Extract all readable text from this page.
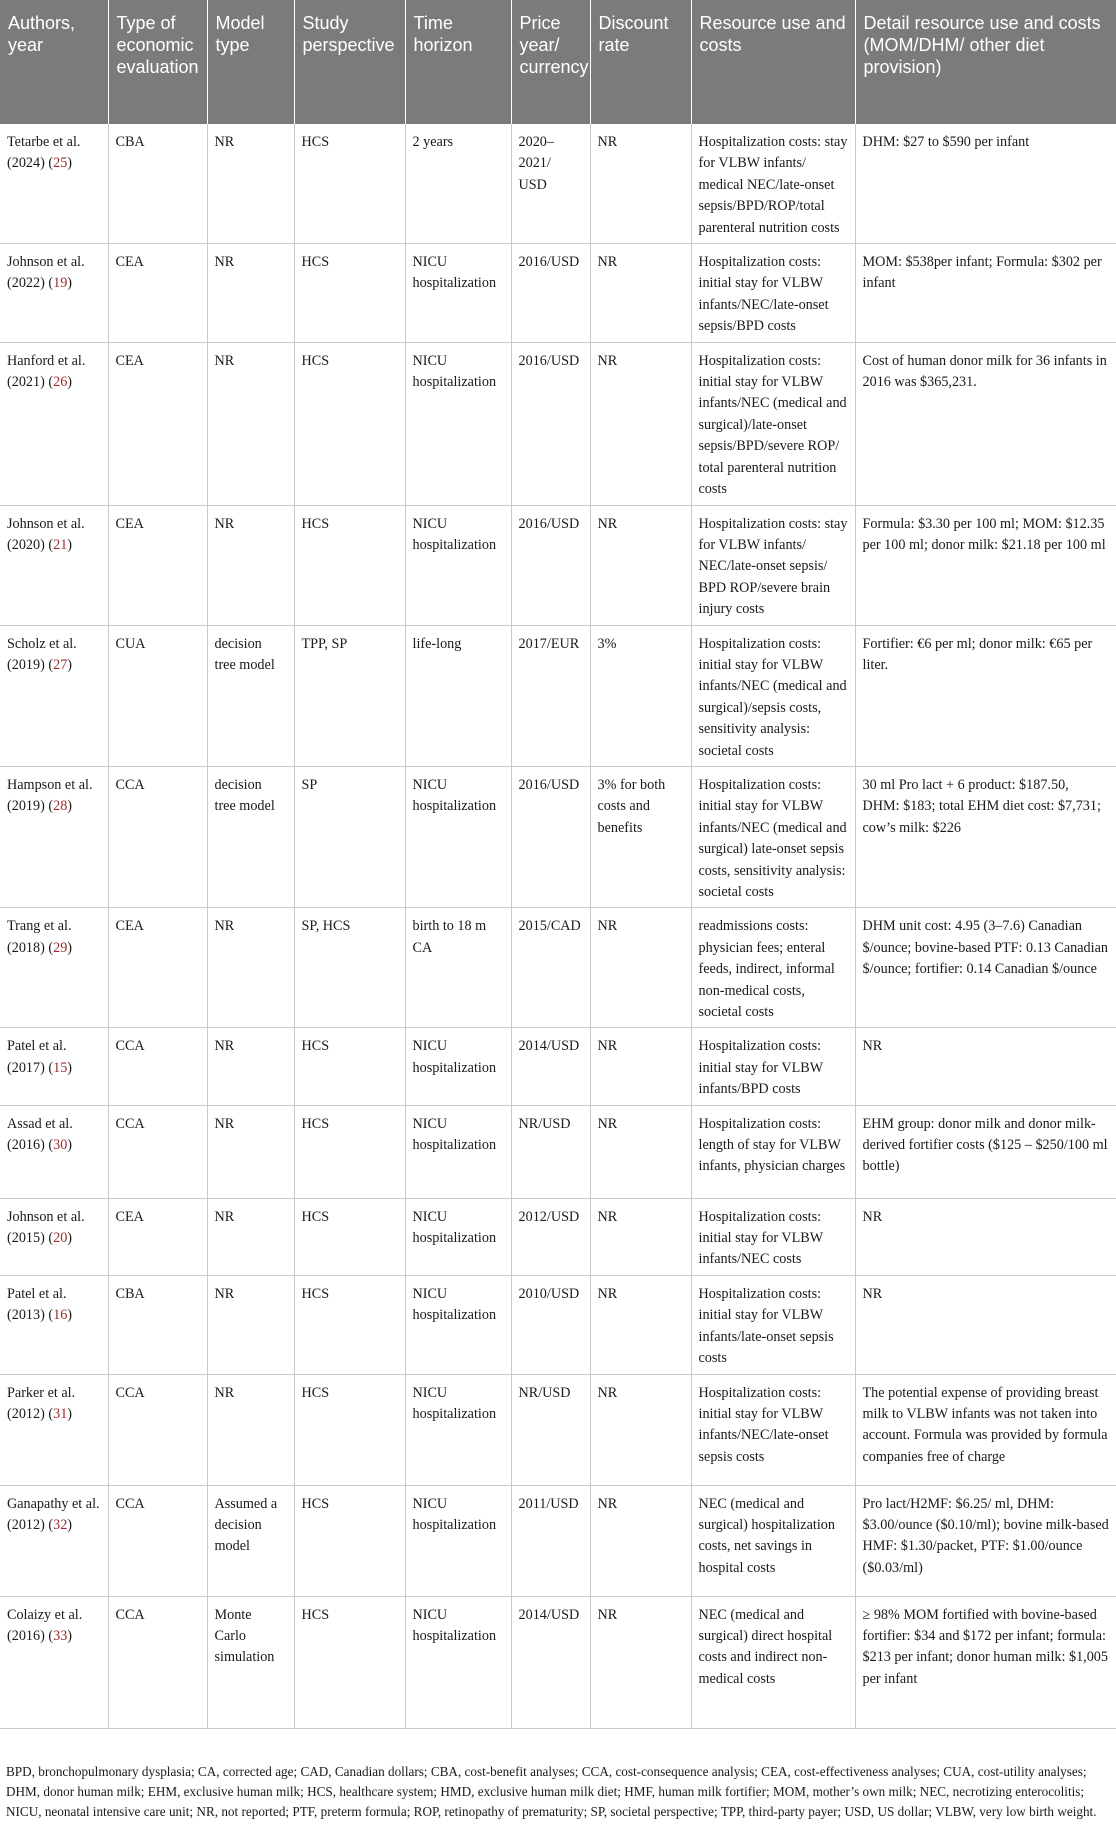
Authors, year	Type of economic evaluation	Model type	Study perspective	Time horizon	Price year/ currency	Discount rate	Resource use and costs	Detail resource use and costs (MOM/DHM/ other diet provision)
Tetarbe et al. (2024) (25)	CBA	NR	HCS	2 years	2020–2021/ USD	NR	Hospitalization costs: stay for VLBW infants/ medical NEC/late-onset sepsis/BPD/ROP/total parenteral nutrition costs	DHM: $27 to $590 per infant
Johnson et al. (2022) (19)	CEA	NR	HCS	NICU hospitalization	2016/USD	NR	Hospitalization costs: initial stay for VLBW infants/NEC/late-onset sepsis/BPD costs	MOM: $538per infant; Formula: $302 per infant
Hanford et al. (2021) (26)	CEA	NR	HCS	NICU hospitalization	2016/USD	NR	Hospitalization costs: initial stay for VLBW infants/NEC (medical and surgical)/late-onset sepsis/BPD/severe ROP/ total parenteral nutrition costs	Cost of human donor milk for 36 infants in 2016 was $365,231.
Johnson et al. (2020) (21)	CEA	NR	HCS	NICU hospitalization	2016/USD	NR	Hospitalization costs: stay for VLBW infants/ NEC/late-onset sepsis/ BPD ROP/severe brain injury costs	Formula: $3.30 per 100 ml; MOM: $12.35 per 100 ml; donor milk: $21.18 per 100 ml
Scholz et al. (2019) (27)	CUA	decision tree model	TPP, SP	life-long	2017/EUR	3%	Hospitalization costs: initial stay for VLBW infants/NEC (medical and surgical)/sepsis costs, sensitivity analysis: societal costs	Fortifier: €6 per ml; donor milk: €65 per liter.
Hampson et al. (2019) (28)	CCA	decision tree model	SP	NICU hospitalization	2016/USD	3% for both costs and benefits	Hospitalization costs: initial stay for VLBW infants/NEC (medical and surgical) late-onset sepsis costs, sensitivity analysis: societal costs	30 ml Pro lact + 6 product: $187.50, DHM: $183; total EHM diet cost: $7,731; cow’s milk: $226
Trang et al. (2018) (29)	CEA	NR	SP, HCS	birth to 18 m CA	2015/CAD	NR	readmissions costs: physician fees; enteral feeds, indirect, informal non-medical costs, societal costs	DHM unit cost: 4.95 (3–7.6) Canadian $/ounce; bovine-based PTF: 0.13 Canadian $/ounce; fortifier: 0.14 Canadian $/ounce
Patel et al. (2017) (15)	CCA	NR	HCS	NICU hospitalization	2014/USD	NR	Hospitalization costs: initial stay for VLBW infants/BPD costs	NR
Assad et al. (2016) (30)	CCA	NR	HCS	NICU hospitalization	NR/USD	NR	Hospitalization costs: length of stay for VLBW infants, physician charges	EHM group: donor milk and donor milk-derived fortifier costs ($125 – $250/100 ml bottle)
Johnson et al. (2015) (20)	CEA	NR	HCS	NICU hospitalization	2012/USD	NR	Hospitalization costs: initial stay for VLBW infants/NEC costs	NR
Patel et al. (2013) (16)	CBA	NR	HCS	NICU hospitalization	2010/USD	NR	Hospitalization costs: initial stay for VLBW infants/late-onset sepsis costs	NR
Parker et al. (2012) (31)	CCA	NR	HCS	NICU hospitalization	NR/USD	NR	Hospitalization costs: initial stay for VLBW infants/NEC/late-onset sepsis costs	The potential expense of providing breast milk to VLBW infants was not taken into account. Formula was provided by formula companies free of charge
Ganapathy et al. (2012) (32)	CCA	Assumed a decision model	HCS	NICU hospitalization	2011/USD	NR	NEC (medical and surgical) hospitalization costs, net savings in hospital costs	Pro lact/H2MF: $6.25/ ml, DHM: $3.00/ounce ($0.10/ml); bovine milk-based HMF: $1.30/packet, PTF: $1.00/ounce ($0.03/ml)
Colaizy et al. (2016) (33)	CCA	Monte Carlo simulation	HCS	NICU hospitalization	2014/USD	NR	NEC (medical and surgical) direct hospital costs and indirect non-medical costs	≥ 98% MOM fortified with bovine-based fortifier: $34 and $172 per infant; formula: $213 per infant; donor human milk: $1,005 per infant
BPD, bronchopulmonary dysplasia; CA, corrected age; CAD, Canadian dollars; CBA, cost-benefit analyses; CCA, cost-consequence analysis; CEA, cost-effectiveness analyses; CUA, cost-utility analyses; DHM, donor human milk; EHM, exclusive human milk; HCS, healthcare system; HMD, exclusive human milk diet; HMF, human milk fortifier; MOM, mother’s own milk; NEC, necrotizing enterocolitis; NICU, neonatal intensive care unit; NR, not reported; PTF, preterm formula; ROP, retinopathy of prematurity; SP, societal perspective; TPP, third-party payer; USD, US dollar; VLBW, very low birth weight.
